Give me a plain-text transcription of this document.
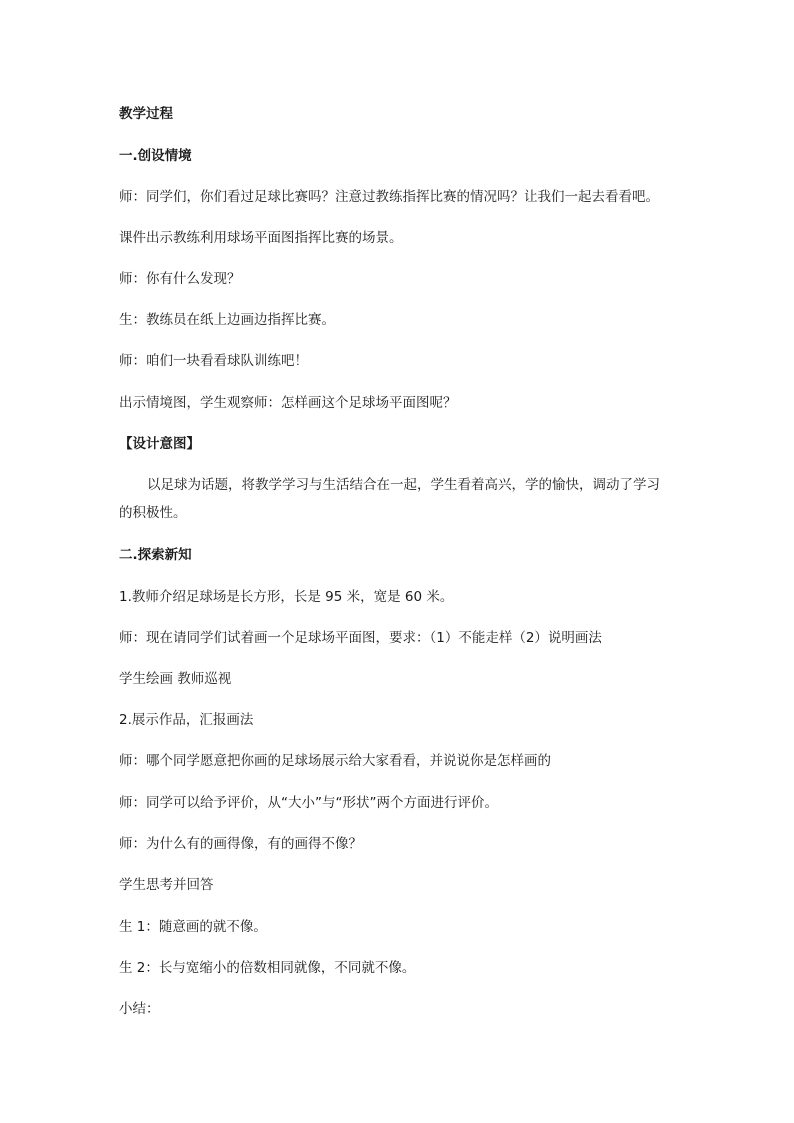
教学过程
一.创设情境
师：同学们，你们看过足球比赛吗？注意过教练指挥比赛的情况吗？让我们一起去看看吧。
课件出示教练利用球场平面图指挥比赛的场景。
师：你有什么发现？
生：教练员在纸上边画边指挥比赛。
师：咱们一块看看球队训练吧！
出示情境图，学生观察师：怎样画这个足球场平面图呢？
【设计意图】
以足球为话题，将教学学习与生活结合在一起，学生看着高兴，学的愉快，调动了学习
的积极性。
二.探索新知
1.教师介绍足球场是长方形，长是 95 米，宽是 60 米。
师：现在请同学们试着画一个足球场平面图，要求：（1）不能走样（2）说明画法
学生绘画 教师巡视
2.展示作品，汇报画法
师：哪个同学愿意把你画的足球场展示给大家看看，并说说你是怎样画的
师：同学可以给予评价，从“大小”与“形状”两个方面进行评价。
师：为什么有的画得像，有的画得不像？
学生思考并回答
生 1：随意画的就不像。
生 2：长与宽缩小的倍数相同就像，不同就不像。
小结：
